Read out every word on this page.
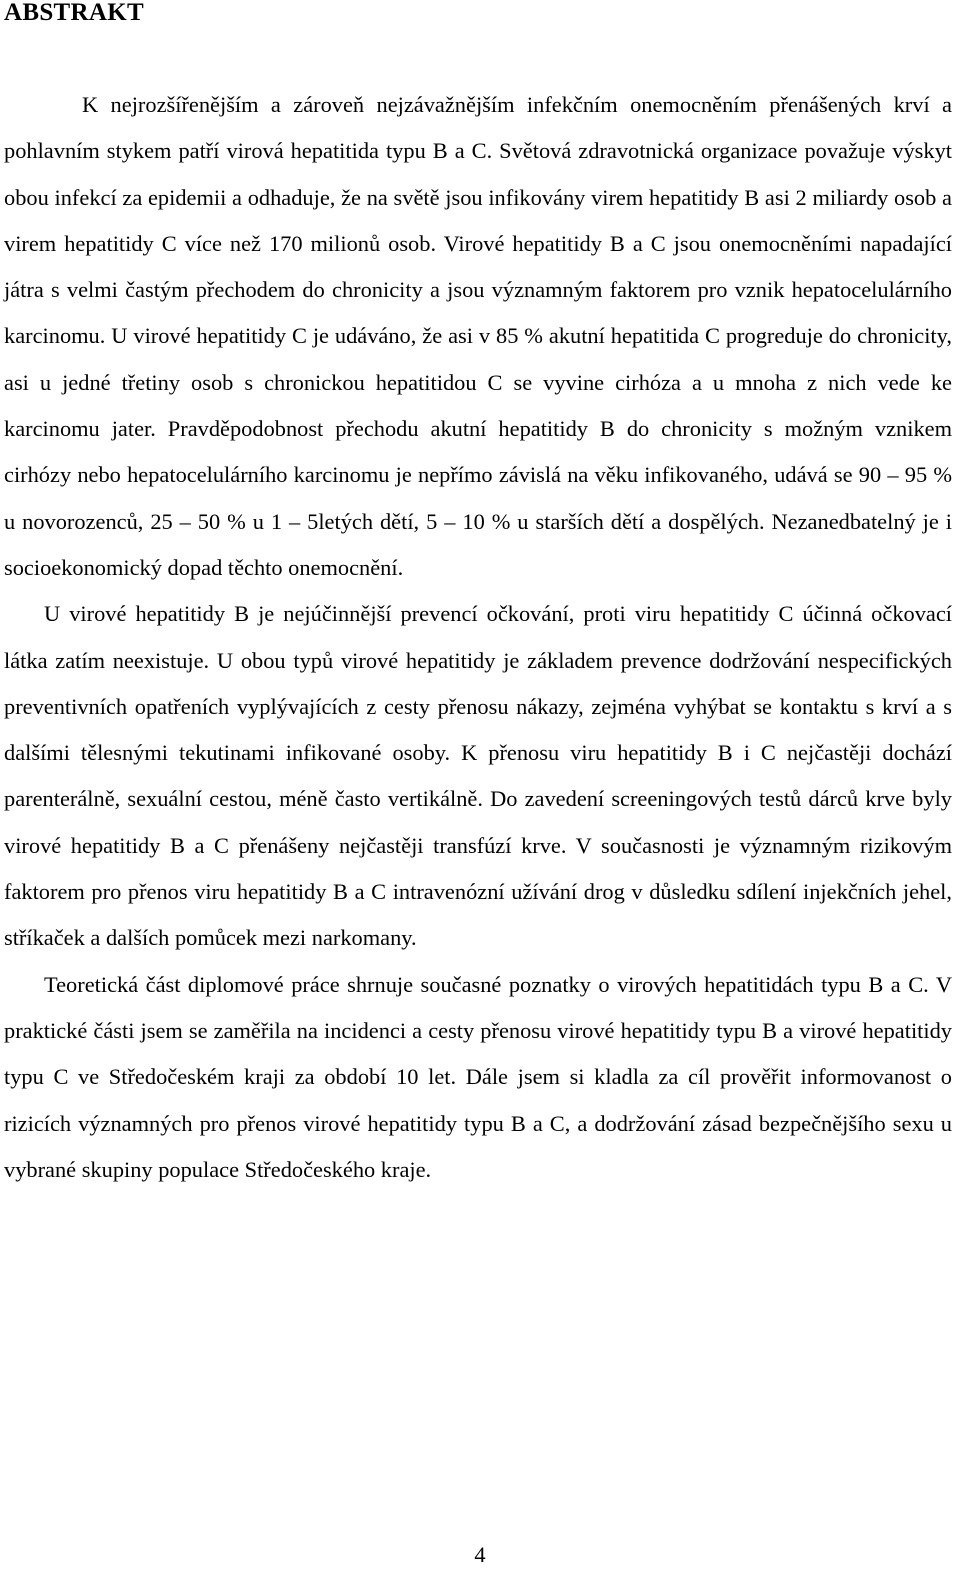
ABSTRAKT

K nejrozšířenějším a zároveň nejzávažnějším infekčním onemocněním přenášených krví a pohlavním stykem patří virová hepatitida typu B a C. Světová zdravotnická organizace považuje výskyt obou infekcí za epidemii a odhaduje, že na světě jsou infikovány virem hepatitidy B asi 2 miliardy osob a virem hepatitidy C více než 170 milionů osob. Virové hepatitidy B a C jsou onemocněními napadající játra s velmi častým přechodem do chronicity a jsou významným faktorem pro vznik hepatocelulárního karcinomu. U virové hepatitidy C je udáváno, že asi v 85 % akutní hepatitida C progreduje do chronicity, asi u jedné třetiny osob s chronickou hepatitidou C se vyvine cirhóza a u mnoha z nich vede ke karcinomu jater. Pravděpodobnost přechodu akutní hepatitidy B do chronicity s možným vznikem cirhózy nebo hepatocelulárního karcinomu je nepřímo závislá na věku infikovaného, udává se 90 – 95 % u novorozenců, 25 – 50 % u 1 – 5letých dětí, 5 – 10 % u starších dětí a dospělých. Nezanedbatelný je i socioekonomický dopad těchto onemocnění.

U virové hepatitidy B je nejúčinnější prevencí očkování, proti viru hepatitidy C účinná očkovací látka zatím neexistuje. U obou typů virové hepatitidy je základem prevence dodržování nespecifických preventivních opatřeních vyplývajících z cesty přenosu nákazy, zejména vyhýbat se kontaktu s krví a s dalšími tělesnými tekutinami infikované osoby. K přenosu viru hepatitidy B i C nejčastěji dochází parenterálně, sexuální cestou, méně často vertikálně. Do zavedení screeningových testů dárců krve byly virové hepatitidy B a C přenášeny nejčastěji transfúzí krve. V současnosti je významným rizikovým faktorem pro přenos viru hepatitidy B a C intravenózní užívání drog v důsledku sdílení injekčních jehel, stříkaček a dalších pomůcek mezi narkomany.

Teoretická část diplomové práce shrnuje současné poznatky o virových hepatitidách typu B a C. V praktické části jsem se zaměřila na incidenci a cesty přenosu virové hepatitidy typu B a virové hepatitidy typu C ve Středočeském kraji za období 10 let. Dále jsem si kladla za cíl prověřit informovanost o rizicích významných pro přenos virové hepatitidy typu B a C, a dodržování zásad bezpečnějšího sexu u vybrané skupiny populace Středočeského kraje.

4
